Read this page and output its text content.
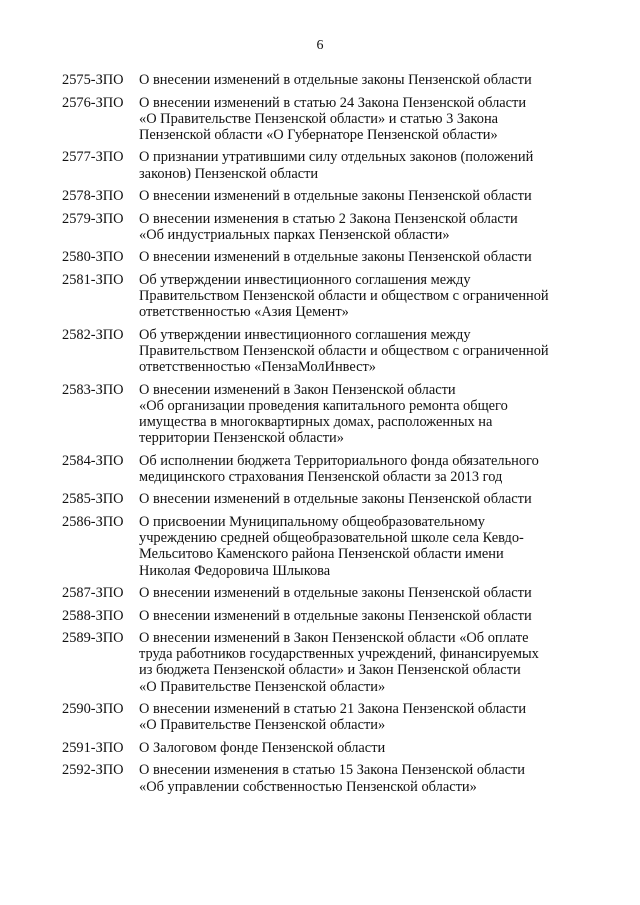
6
2575-ЗПО	О внесении изменений в отдельные законы Пензенской области
2576-ЗПО	О внесении изменений в статью 24 Закона Пензенской области
«О Правительстве Пензенской области» и статью 3 Закона
Пензенской области «О Губернаторе Пензенской области»
2577-ЗПО	О признании утратившими силу отдельных законов (положений
законов) Пензенской области
2578-ЗПО	О внесении изменений в отдельные законы Пензенской области
2579-ЗПО	О внесении изменения в статью 2 Закона Пензенской области
«Об индустриальных парках Пензенской области»
2580-ЗПО	О внесении изменений в отдельные законы Пензенской области
2581-ЗПО	Об утверждении инвестиционного соглашения между
Правительством Пензенской области и обществом с ограниченной
ответственностью «Азия Цемент»
2582-ЗПО	Об утверждении инвестиционного соглашения между
Правительством Пензенской области и обществом с ограниченной
ответственностью «ПензаМолИнвест»
2583-ЗПО	О внесении изменений в Закон Пензенской области
«Об организации проведения капитального ремонта общего
имущества в многоквартирных домах, расположенных на
территории Пензенской области»
2584-ЗПО	Об исполнении бюджета Территориального фонда обязательного
медицинского страхования Пензенской области за 2013 год
2585-ЗПО	О внесении изменений в отдельные законы Пензенской области
2586-ЗПО	О присвоении Муниципальному общеобразовательному
учреждению средней общеобразовательной школе села Кевдо-
Мельситово Каменского района Пензенской области имени
Николая Федоровича Шлыкова
2587-ЗПО	О внесении изменений в отдельные законы Пензенской области
2588-ЗПО	О внесении изменений в отдельные законы Пензенской области
2589-ЗПО	О внесении изменений в Закон Пензенской области «Об оплате
труда работников государственных учреждений, финансируемых
из бюджета Пензенской области» и Закон Пензенской области
«О Правительстве Пензенской области»
2590-ЗПО	О внесении изменений в статью 21 Закона Пензенской области
«О Правительстве Пензенской области»
2591-ЗПО	О Залоговом фонде Пензенской области
2592-ЗПО	О внесении изменения в статью 15 Закона Пензенской области
«Об управлении собственностью Пензенской области»
